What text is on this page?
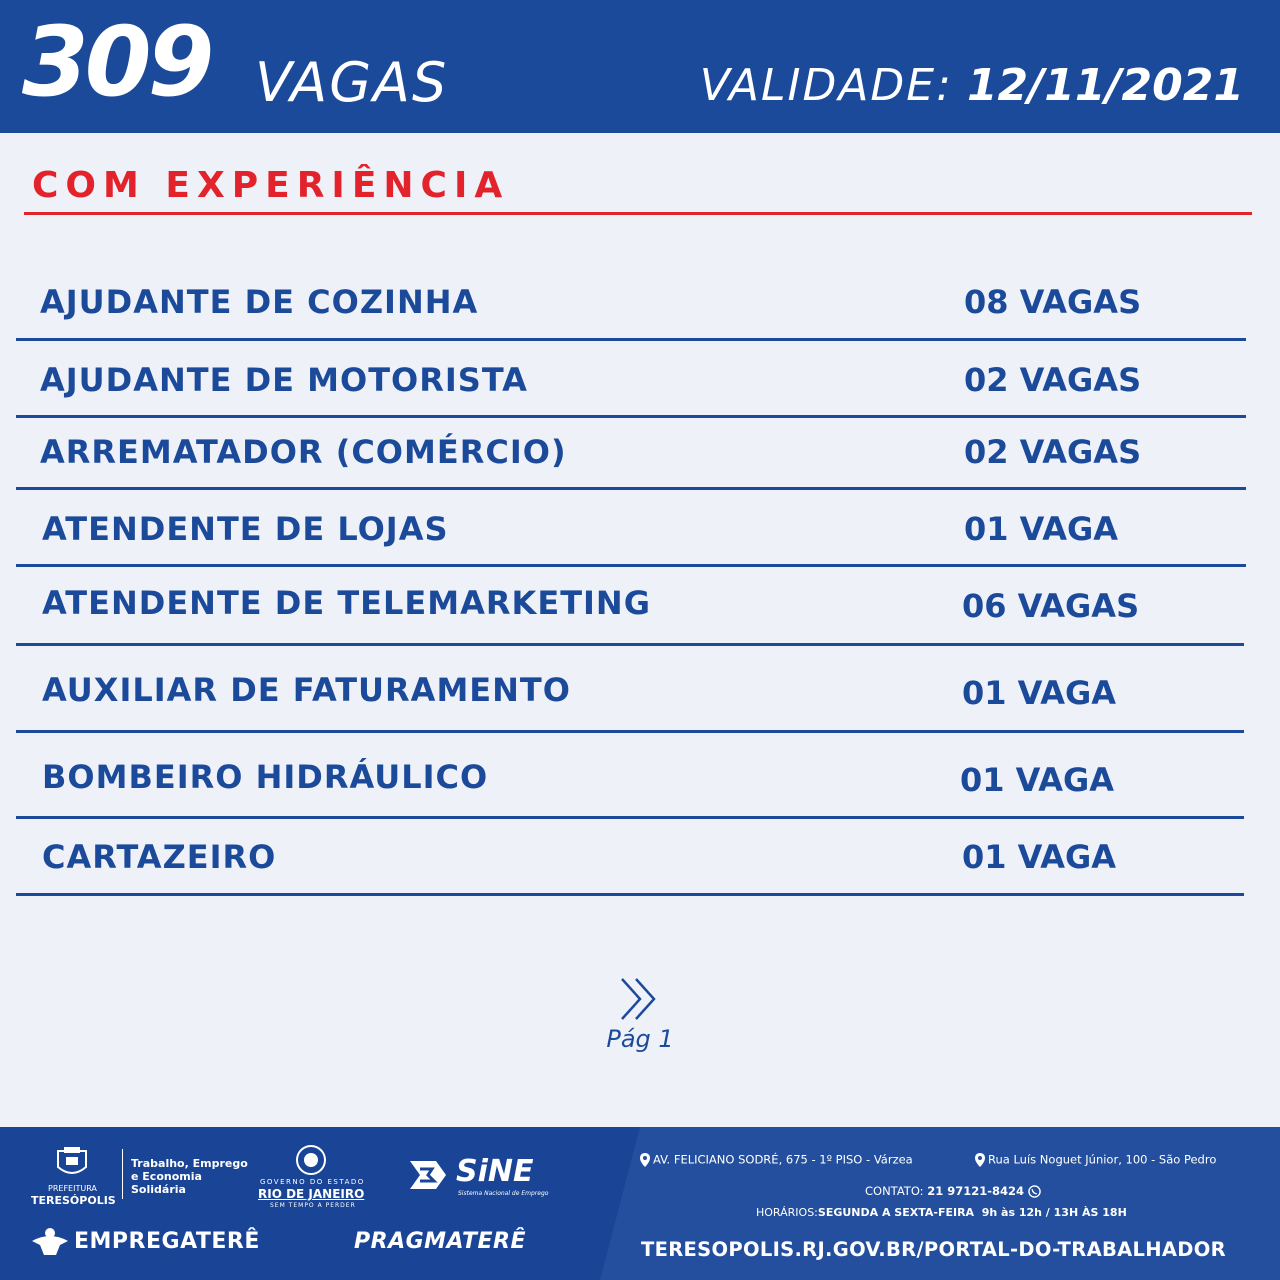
309 VAGAS	VALIDADE: 12/11/2021
COM EXPERIÊNCIA
AJUDANTE DE COZINHA	08 VAGAS
AJUDANTE DE MOTORISTA	02 VAGAS
ARREMATADOR (COMÉRCIO)	02 VAGAS
ATENDENTE DE LOJAS	01 VAGA
ATENDENTE DE TELEMARKETING	06 VAGAS
AUXILIAR DE FATURAMENTO	01 VAGA
BOMBEIRO HIDRÁULICO	01 VAGA
CARTAZEIRO	01 VAGA
Pág 1
PREFEITURA
TERESÓPOLIS
Trabalho, Emprego
e Economia
Solidária
GOVERNO DO ESTADO
RIO DE JANEIRO
SEM TEMPO A PERDER
SiNE
Sistema Nacional de Emprego
EMPREGATERÊ	PRAGMATERÊ
AV. FELICIANO SODRÉ, 675 - 1º PISO - Várzea	Rua Luís Noguet Júnior, 100 - São Pedro
CONTATO: 21 97121-8424
HORÁRIOS:SEGUNDA A SEXTA-FEIRA  9h às 12h / 13H ÀS 18H
TERESOPOLIS.RJ.GOV.BR/PORTAL-DO-TRABALHADOR
